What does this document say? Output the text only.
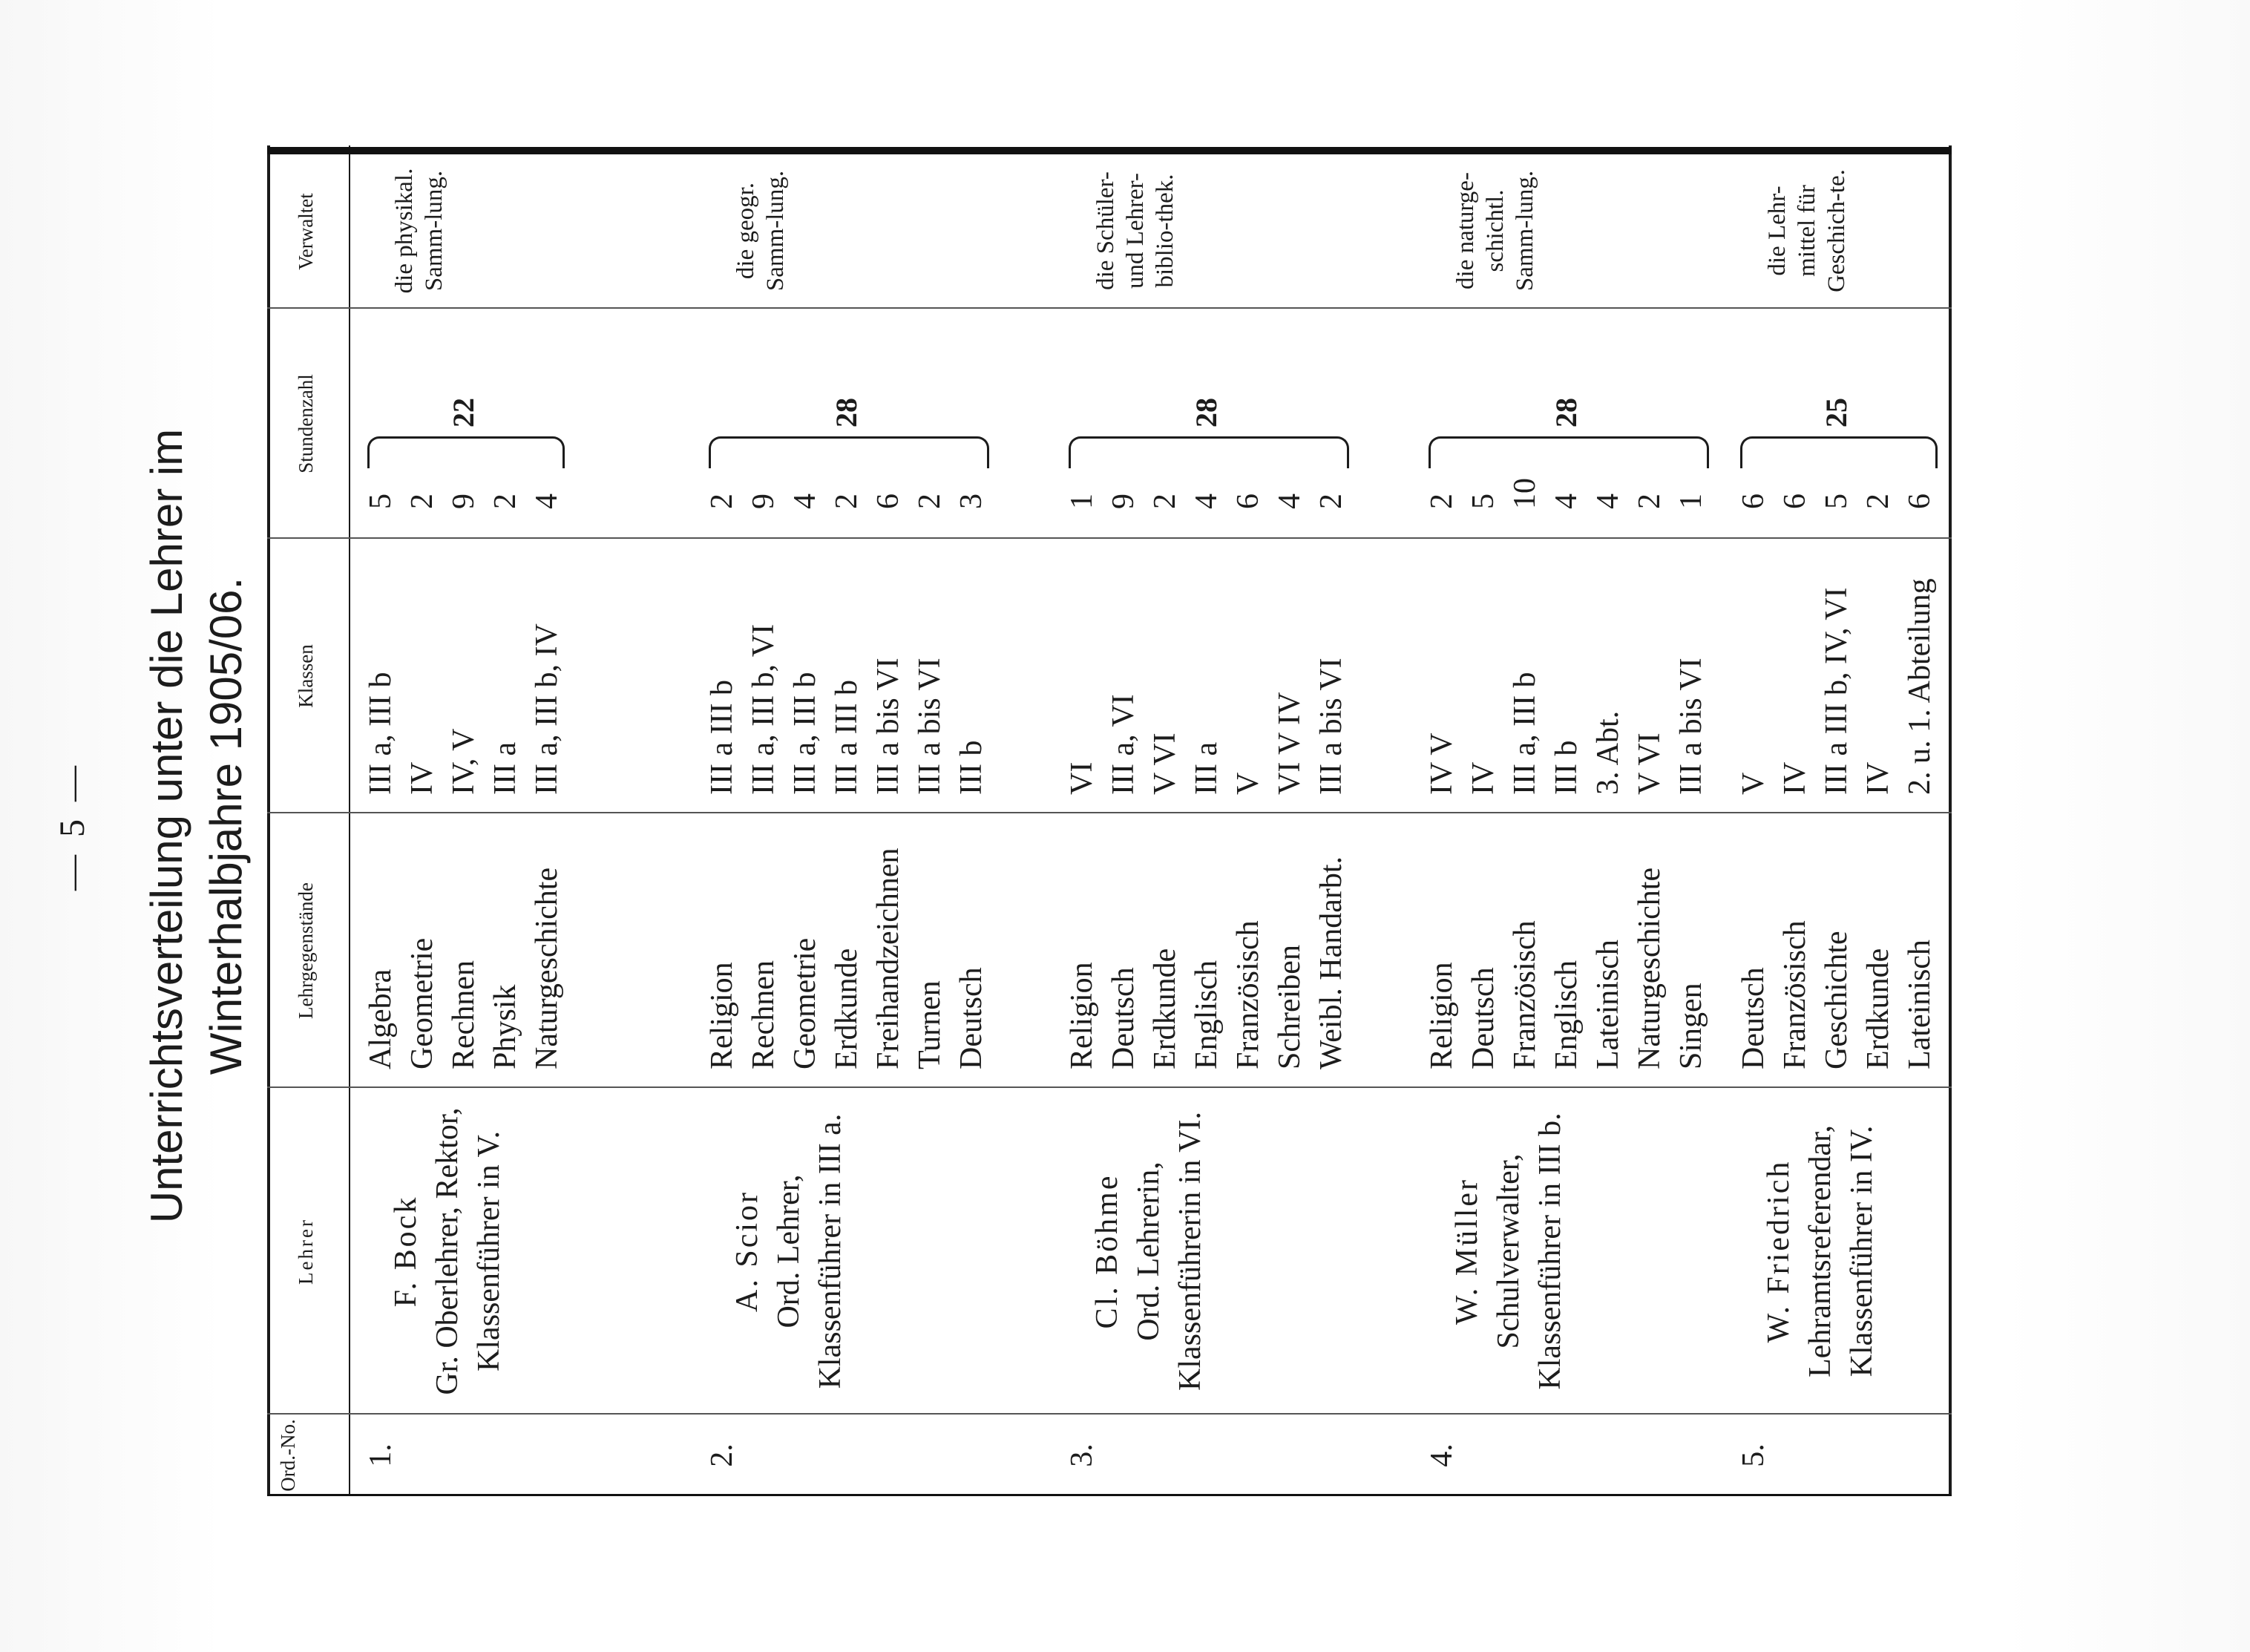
— 5 — Unterrichtsverteilung unter die Lehrer im Winterhalbjahre 1905/06.
Ord.-No.
Lehrer
Lehrgegenstände
Klassen
Stundenzahl
Verwaltet
1.
F. Bock Gr. Oberlehrer, Rektor, Klassenführer in V.
Algebra Geometrie Rechnen Physik Naturgeschichte
III a, III b IV IV, V III a III a, III b, IV
5 2 9 2 4
22
die physikal. Samm-lung.
2.
A. Scior Ord. Lehrer, Klassenführer in III a.
Religion Rechnen Geometrie Erdkunde Freihandzeichnen Turnen Deutsch
III a III b III a, III b, VI III a, III b III a III b III a bis VI III a bis VI III b
2 9 4 2 6 2 3
28
die geogr. Samm-lung.
3.
Cl. Böhme Ord. Lehrerin, Klassenführerin in VI.
Religion Deutsch Erdkunde Englisch Französisch Schreiben Weibl. Handarbt.
VI III a, VI V VI III a V VI V IV III a bis VI
1 9 2 4 6 4 2
28
die Schüler-und Lehrer-biblio-thek.
4.
W. Müller Schulverwalter, Klassenführer in III b.
Religion Deutsch Französisch Englisch Lateinisch Naturgeschichte Singen
IV V IV III a, III b III b 3. Abt. V VI III a bis VI
2 5 10 4 4 2 1
28
die naturge-schichtl. Samm-lung.
5.
W. Friedrich Lehramtsreferendar, Klassenführer in IV.
Deutsch Französisch Geschichte Erdkunde Lateinisch
V IV III a III b, IV, VI IV 2. u. 1. Abteilung
6 6 5 2 6
25
die Lehr-mittel für Geschich-te.
